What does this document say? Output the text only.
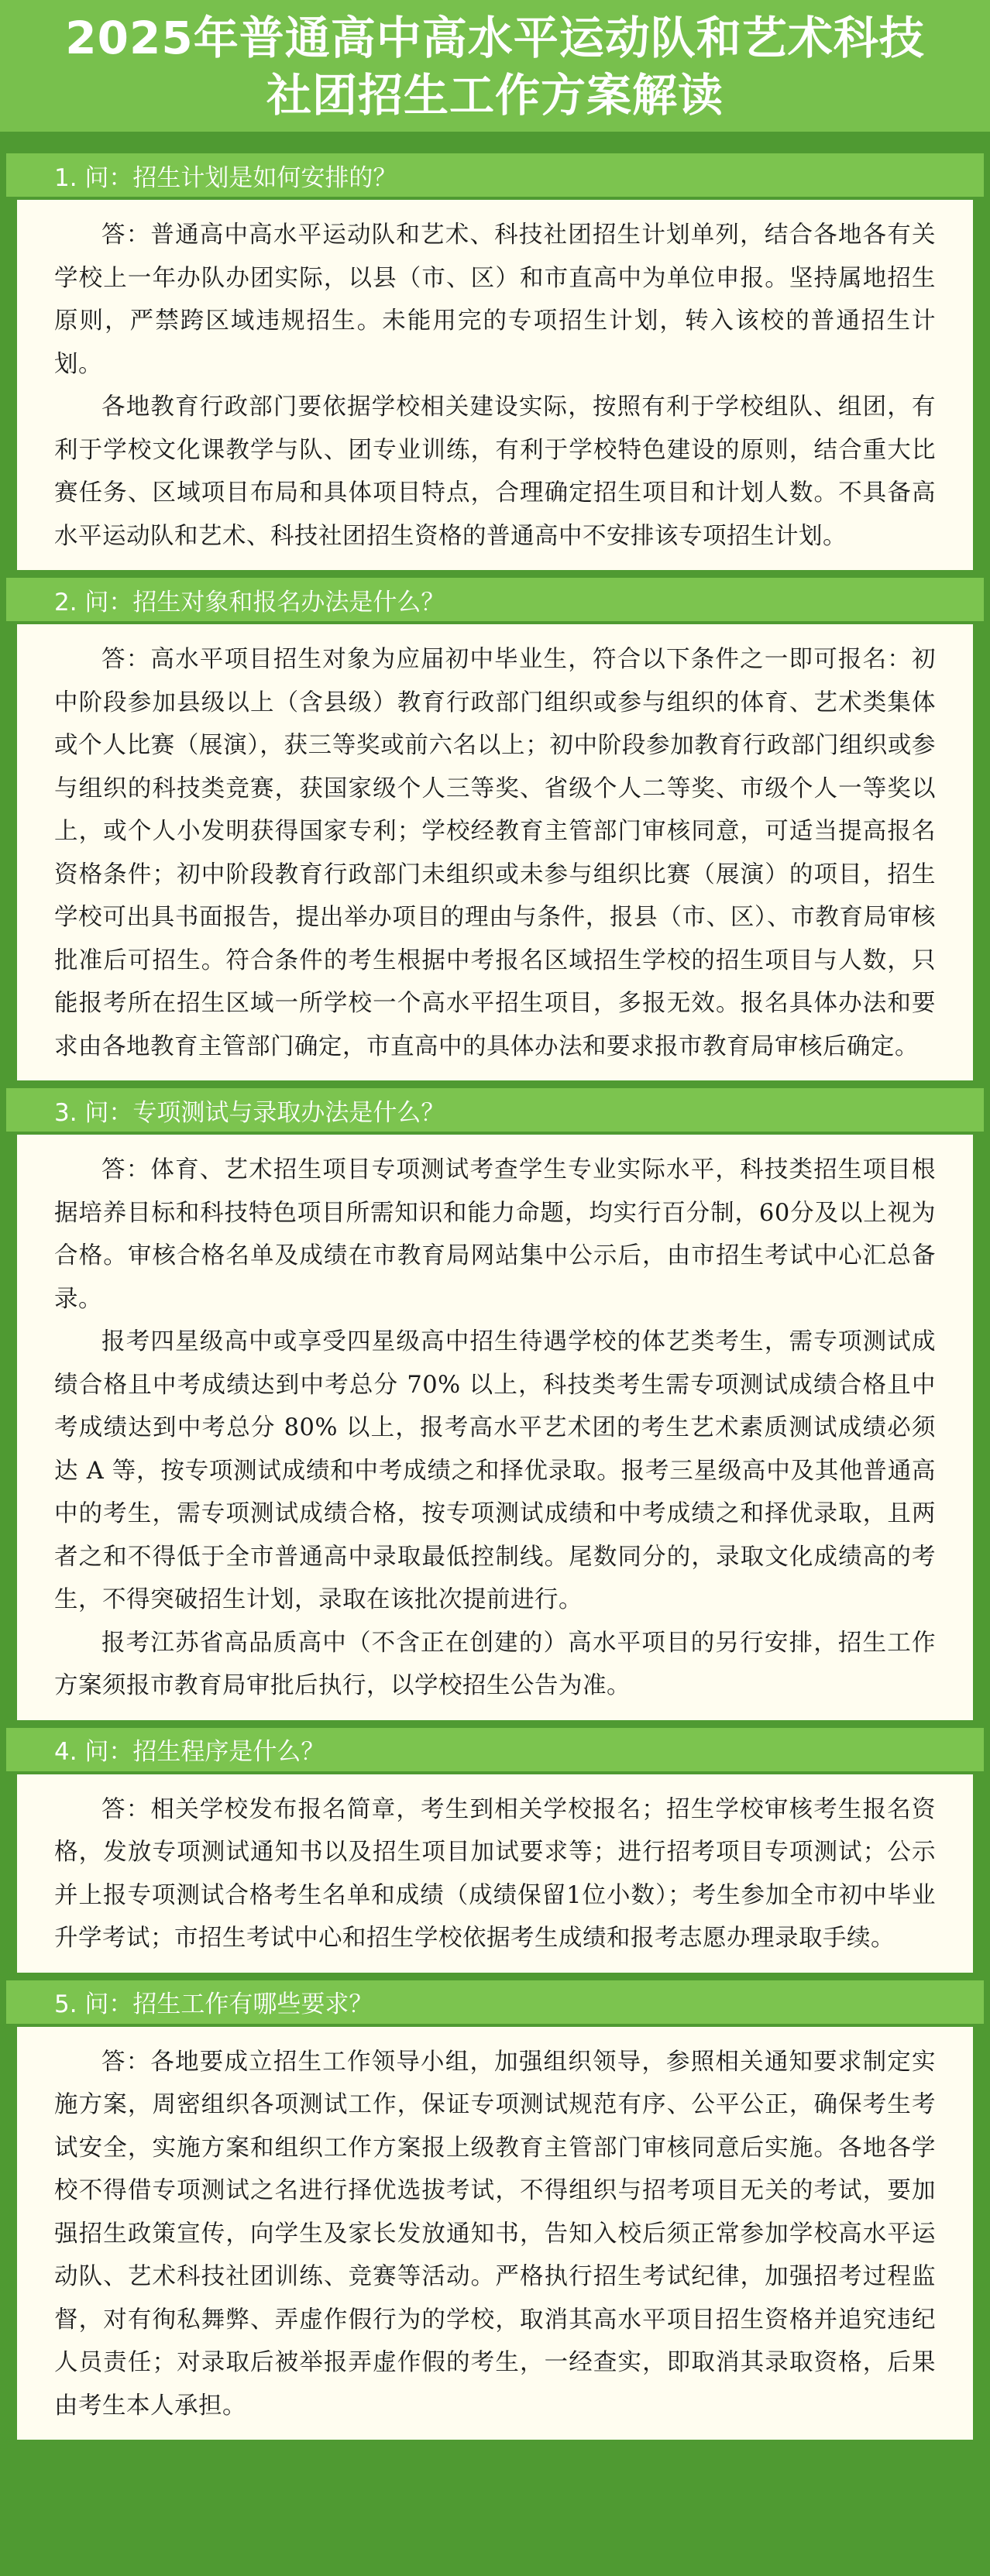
2025年普通高中高水平运动队和艺术科技
社团招生工作方案解读
1. 问：招生计划是如何安排的？

答：普通高中高水平运动队和艺术、科技社团招生计划单列，结合各地各有关学校上一年办队办团实际，以县（市、区）和市直高中为单位申报。坚持属地招生原则，严禁跨区域违规招生。未能用完的专项招生计划，转入该校的普通招生计划。

各地教育行政部门要依据学校相关建设实际，按照有利于学校组队、组团，有利于学校文化课教学与队、团专业训练，有利于学校特色建设的原则，结合重大比赛任务、区域项目布局和具体项目特点，合理确定招生项目和计划人数。不具备高水平运动队和艺术、科技社团招生资格的普通高中不安排该专项招生计划。

2. 问：招生对象和报名办法是什么？

答：高水平项目招生对象为应届初中毕业生，符合以下条件之一即可报名：初中阶段参加县级以上（含县级）教育行政部门组织或参与组织的体育、艺术类集体或个人比赛（展演），获三等奖或前六名以上；初中阶段参加教育行政部门组织或参与组织的科技类竞赛，获国家级个人三等奖、省级个人二等奖、市级个人一等奖以上，或个人小发明获得国家专利；学校经教育主管部门审核同意，可适当提高报名资格条件；初中阶段教育行政部门未组织或未参与组织比赛（展演）的项目，招生学校可出具书面报告，提出举办项目的理由与条件，报县（市、区）、市教育局审核批准后可招生。符合条件的考生根据中考报名区域招生学校的招生项目与人数，只能报考所在招生区域一所学校一个高水平招生项目，多报无效。报名具体办法和要求由各地教育主管部门确定，市直高中的具体办法和要求报市教育局审核后确定。

3. 问：专项测试与录取办法是什么？

答：体育、艺术招生项目专项测试考查学生专业实际水平，科技类招生项目根据培养目标和科技特色项目所需知识和能力命题，均实行百分制，60分及以上视为合格。审核合格名单及成绩在市教育局网站集中公示后，由市招生考试中心汇总备录。

报考四星级高中或享受四星级高中招生待遇学校的体艺类考生，需专项测试成绩合格且中考成绩达到中考总分 70% 以上，科技类考生需专项测试成绩合格且中考成绩达到中考总分 80% 以上，报考高水平艺术团的考生艺术素质测试成绩必须达 A 等，按专项测试成绩和中考成绩之和择优录取。报考三星级高中及其他普通高中的考生，需专项测试成绩合格，按专项测试成绩和中考成绩之和择优录取，且两者之和不得低于全市普通高中录取最低控制线。尾数同分的，录取文化成绩高的考生，不得突破招生计划，录取在该批次提前进行。

报考江苏省高品质高中（不含正在创建的）高水平项目的另行安排，招生工作方案须报市教育局审批后执行，以学校招生公告为准。

4. 问：招生程序是什么？

答：相关学校发布报名简章，考生到相关学校报名；招生学校审核考生报名资格，发放专项测试通知书以及招生项目加试要求等；进行招考项目专项测试；公示并上报专项测试合格考生名单和成绩（成绩保留1位小数）；考生参加全市初中毕业升学考试；市招生考试中心和招生学校依据考生成绩和报考志愿办理录取手续。

5. 问：招生工作有哪些要求？

答：各地要成立招生工作领导小组，加强组织领导，参照相关通知要求制定实施方案，周密组织各项测试工作，保证专项测试规范有序、公平公正，确保考生考试安全，实施方案和组织工作方案报上级教育主管部门审核同意后实施。各地各学校不得借专项测试之名进行择优选拔考试，不得组织与招考项目无关的考试，要加强招生政策宣传，向学生及家长发放通知书，告知入校后须正常参加学校高水平运动队、艺术科技社团训练、竞赛等活动。严格执行招生考试纪律，加强招考过程监督，对有徇私舞弊、弄虚作假行为的学校，取消其高水平项目招生资格并追究违纪人员责任；对录取后被举报弄虚作假的考生，一经查实，即取消其录取资格，后果由考生本人承担。
